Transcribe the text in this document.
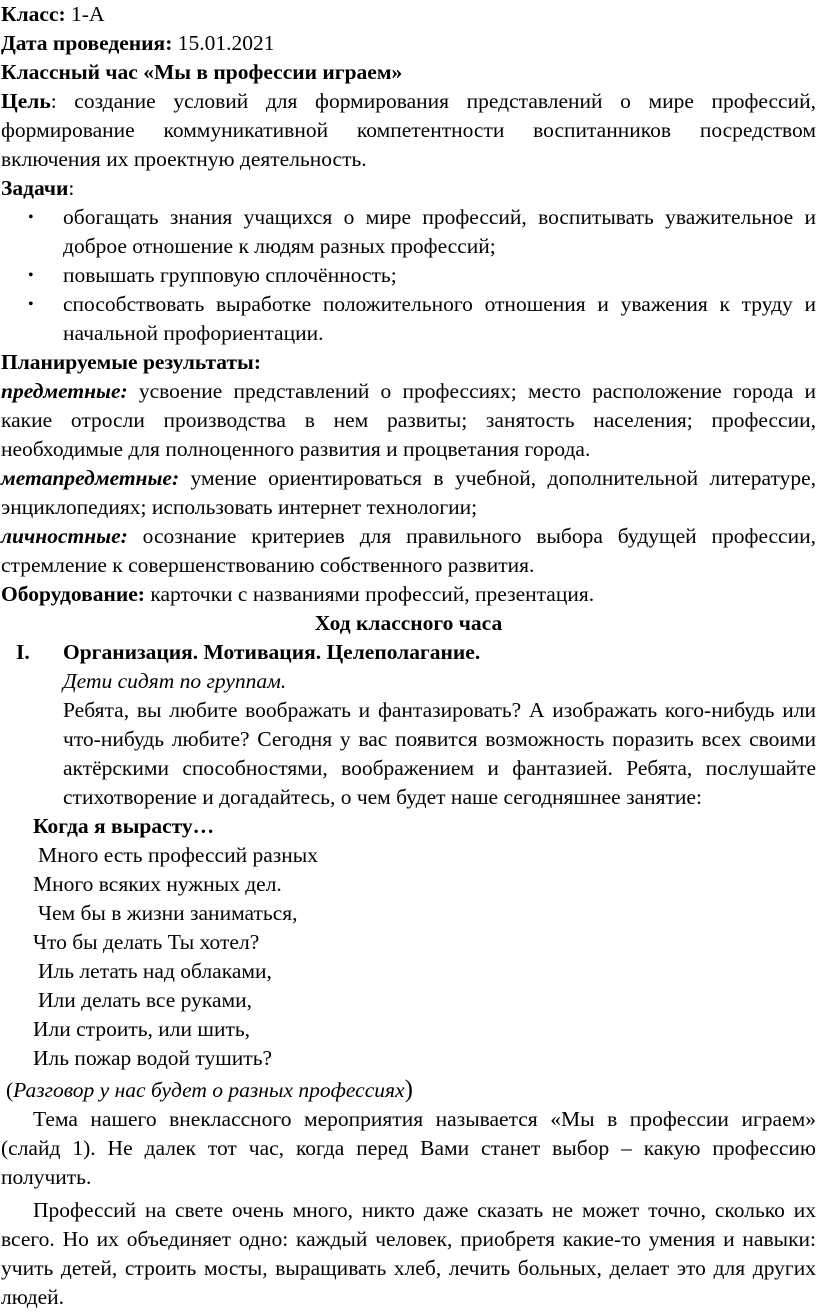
Класс: 1-А

Дата проведения: 15.01.2021

Классный час «Мы в профессии играем»

Цель: создание условий для формирования представлений о мире профессий, формирование коммуникативной компетентности воспитанников посредством включения их проектную деятельность.

Задачи:

• обогащать знания учащихся о мире профессий, воспитывать уважительное и доброе отношение к людям разных профессий;
• повышать групповую сплочённость;
• способствовать выработке положительного отношения и уважения к труду и начальной профориентации.

Планируемые результаты:

предметные: усвоение представлений о профессиях; место расположение города и какие отросли производства в нем развиты; занятость населения; профессии, необходимые для полноценного развития и процветания города.

метапредметные: умение ориентироваться в учебной, дополнительной литературе, энциклопедиях; использовать интернет технологии;

личностные: осознание критериев для правильного выбора будущей профессии, стремление к совершенствованию собственного развития.

Оборудование: карточки с названиями профессий, презентация.

Ход классного часа

I. Организация. Мотивация. Целеполагание.

Дети сидят по группам.

Ребята, вы любите воображать и фантазировать? А изображать кого-нибудь или что-нибудь любите? Сегодня у вас появится возможность поразить всех своими актёрскими способностями, воображением и фантазией. Ребята, послушайте стихотворение и догадайтесь, о чем будет наше сегодняшнее занятие:

Когда я вырасту…

Много есть профессий разных

Много всяких нужных дел.

Чем бы в жизни заниматься,

Что бы делать Ты хотел?

Иль летать над облаками,

Или делать все руками,

Или строить, или шить,

Иль пожар водой тушить?

(Разговор у нас будет о разных профессиях)

Тема нашего внеклассного мероприятия называется «Мы в профессии играем» (слайд 1). Не далек тот час, когда перед Вами станет выбор – какую профессию получить.

Профессий на свете очень много, никто даже сказать не может точно, сколько их всего. Но их объединяет одно: каждый человек, приобретя какие-то умения и навыки: учить детей, строить мосты, выращивать хлеб, лечить больных, делает это для других людей.
